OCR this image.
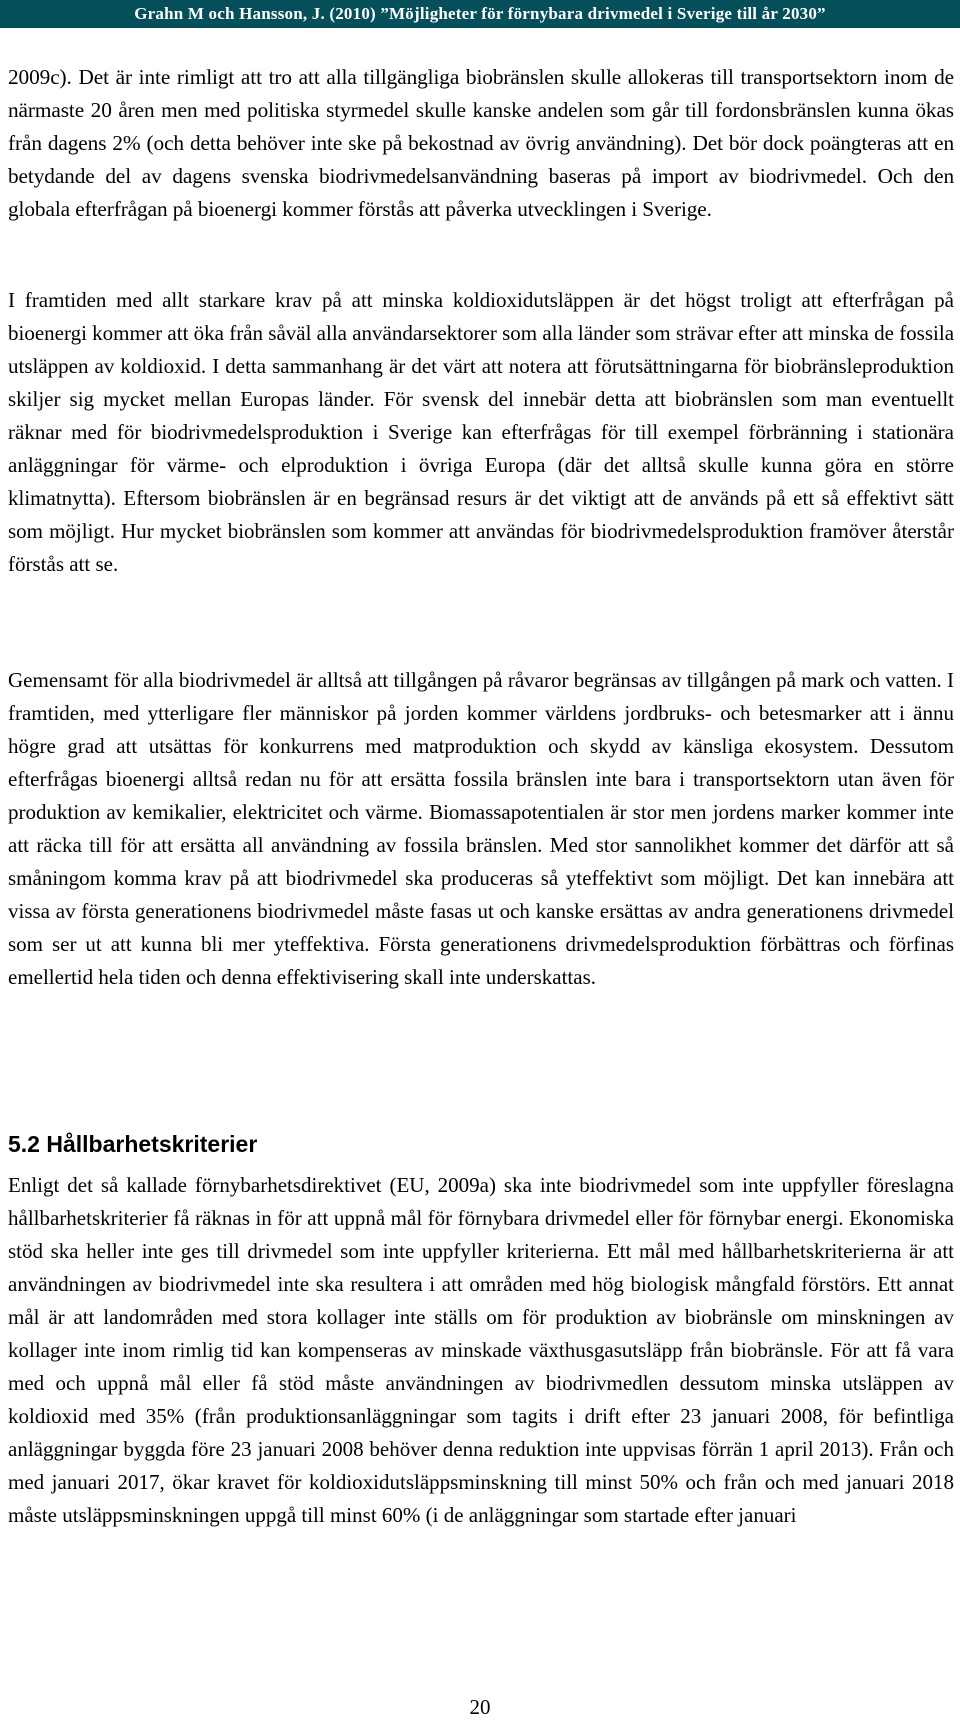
Grahn M och Hansson, J. (2010) ”Möjligheter för förnybara drivmedel i Sverige till år 2030”

2009c). Det är inte rimligt att tro att alla tillgängliga biobränslen skulle allokeras till transportsektorn inom de närmaste 20 åren men med politiska styrmedel skulle kanske andelen som går till fordonsbränslen kunna ökas från dagens 2% (och detta behöver inte ske på bekostnad av övrig användning). Det bör dock poängteras att en betydande del av dagens svenska biodrivmedelsanvändning baseras på import av biodrivmedel. Och den globala efterfrågan på bioenergi kommer förstås att påverka utvecklingen i Sverige.

I framtiden med allt starkare krav på att minska koldioxidutsläppen är det högst troligt att efterfrågan på bioenergi kommer att öka från såväl alla användarsektorer som alla länder som strävar efter att minska de fossila utsläppen av koldioxid. I detta sammanhang är det värt att notera att förutsättningarna för biobränsleproduktion skiljer sig mycket mellan Europas länder. För svensk del innebär detta att biobränslen som man eventuellt räknar med för biodrivmedelsproduktion i Sverige kan efterfrågas för till exempel förbränning i stationära anläggningar för värme- och elproduktion i övriga Europa (där det alltså skulle kunna göra en större klimatnytta). Eftersom biobränslen är en begränsad resurs är det viktigt att de används på ett så effektivt sätt som möjligt. Hur mycket biobränslen som kommer att användas för biodrivmedelsproduktion framöver återstår förstås att se.

Gemensamt för alla biodrivmedel är alltså att tillgången på råvaror begränsas av tillgången på mark och vatten. I framtiden, med ytterligare fler människor på jorden kommer världens jordbruks- och betesmarker att i ännu högre grad att utsättas för konkurrens med matproduktion och skydd av känsliga ekosystem. Dessutom efterfrågas bioenergi alltså redan nu för att ersätta fossila bränslen inte bara i transportsektorn utan även för produktion av kemikalier, elektricitet och värme. Biomassapotentialen är stor men jordens marker kommer inte att räcka till för att ersätta all användning av fossila bränslen. Med stor sannolikhet kommer det därför att så småningom komma krav på att biodrivmedel ska produceras så yteffektivt som möjligt. Det kan innebära att vissa av första generationens biodrivmedel måste fasas ut och kanske ersättas av andra generationens drivmedel som ser ut att kunna bli mer yteffektiva. Första generationens drivmedelsproduktion förbättras och förfinas emellertid hela tiden och denna effektivisering skall inte underskattas.

5.2 Hållbarhetskriterier

Enligt det så kallade förnybarhetsdirektivet (EU, 2009a) ska inte biodrivmedel som inte uppfyller föreslagna hållbarhetskriterier få räknas in för att uppnå mål för förnybara drivmedel eller för förnybar energi. Ekonomiska stöd ska heller inte ges till drivmedel som inte uppfyller kriterierna. Ett mål med hållbarhetskriterierna är att användningen av biodrivmedel inte ska resultera i att områden med hög biologisk mångfald förstörs. Ett annat mål är att landområden med stora kollager inte ställs om för produktion av biobränsle om minskningen av kollager inte inom rimlig tid kan kompenseras av minskade växthusgasutsläpp från biobränsle. För att få vara med och uppnå mål eller få stöd måste användningen av biodrivmedlen dessutom minska utsläppen av koldioxid med 35% (från produktionsanläggningar som tagits i drift efter 23 januari 2008, för befintliga anläggningar byggda före 23 januari 2008 behöver denna reduktion inte uppvisas förrän 1 april 2013). Från och med januari 2017, ökar kravet för koldioxidutsläppsminskning till minst 50% och från och med januari 2018 måste utsläppsminskningen uppgå till minst 60% (i de anläggningar som startade efter januari

20
